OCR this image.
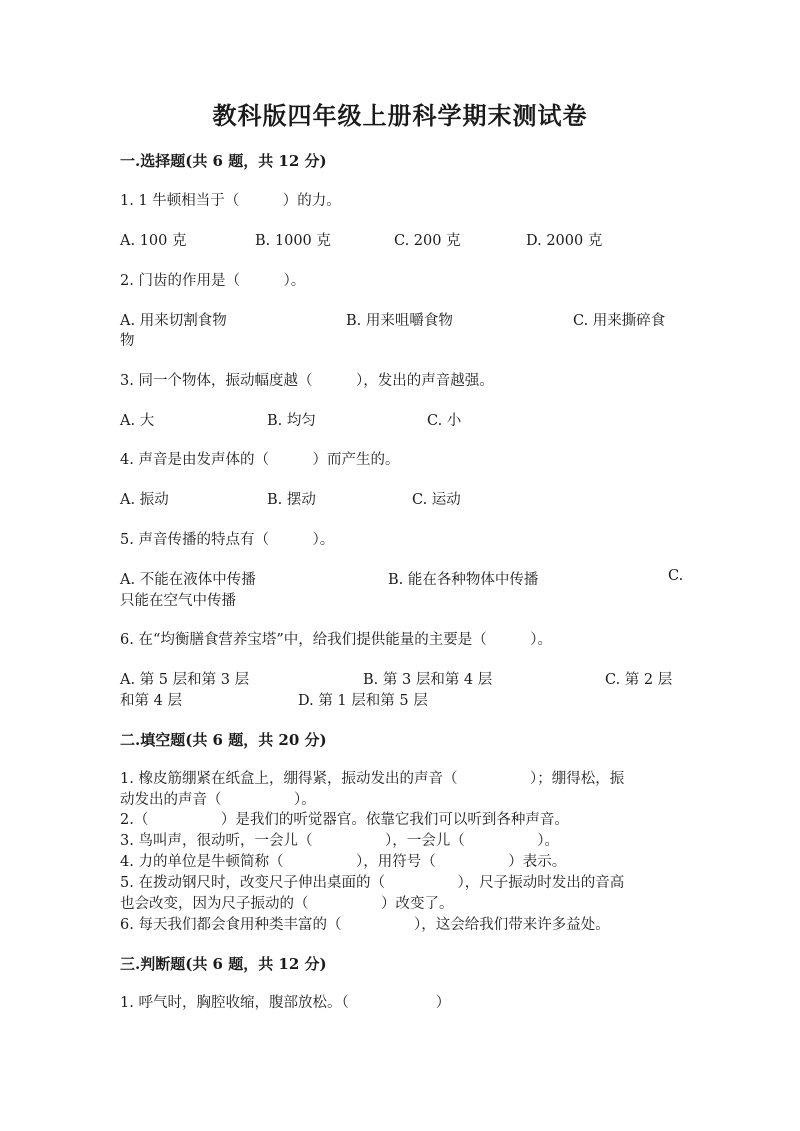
教科版四年级上册科学期末测试卷
一.选择题(共 6 题，共 12 分)
1. 1 牛顿相当于（　　　）的力。
A. 100 克	B. 1000 克	C. 200 克	D. 2000 克
2. 门齿的作用是（　　　）。
A. 用来切割食物	B. 用来咀嚼食物	C. 用来撕碎食
物
3. 同一个物体，振动幅度越（　　　），发出的声音越强。
A. 大	B. 均匀	C. 小
4. 声音是由发声体的（　　　）而产生的。
A. 振动	B. 摆动	C. 运动
5. 声音传播的特点有（　　　）。
A. 不能在液体中传播	B. 能在各种物体中传播	C.
只能在空气中传播
6. 在“均衡膳食营养宝塔”中，给我们提供能量的主要是（　　　）。
A. 第 5 层和第 3 层	B. 第 3 层和第 4 层	C. 第 2 层
和第 4 层	D. 第 1 层和第 5 层
二.填空题(共 6 题，共 20 分)
1. 橡皮筋绷紧在纸盒上，绷得紧，振动发出的声音（　　　　　）；绷得松，振
动发出的声音（　　　　　）。
2.（　　　　　）是我们的听觉器官。依靠它我们可以听到各种声音。
3. 鸟叫声，很动听，一会儿（　　　　　），一会儿（　　　　　）。
4. 力的单位是牛顿简称（　　　　　），用符号（　　　　　）表示。
5. 在拨动钢尺时，改变尺子伸出桌面的（　　　　　），尺子振动时发出的音高
也会改变，因为尺子振动的（　　　　　）改变了。
6. 每天我们都会食用种类丰富的（　　　　　），这会给我们带来许多益处。
三.判断题(共 6 题，共 12 分)
1. 呼气时，胸腔收缩，腹部放松。（　　　　　　）
